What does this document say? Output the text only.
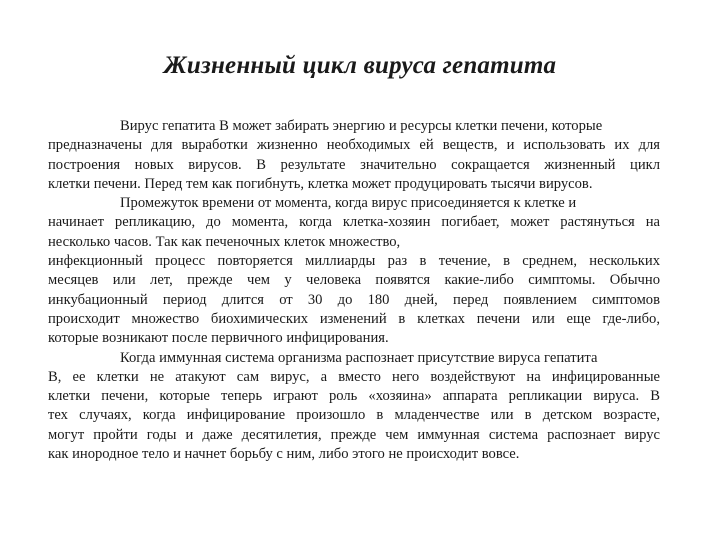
Жизненный цикл вируса гепатита
Вирус гепатита В может забирать энергию и ресурсы клетки печени, которые
предназначены для выработки жизненно необходимых ей веществ, и использовать их для
построения новых вирусов. В результате значительно сокращается жизненный цикл
клетки печени. Перед тем как погибнуть, клетка может продуцировать тысячи вирусов.
Промежуток времени от момента, когда вирус присоединяется к клетке и
начинает репликацию, до момента, когда клетка-хозяин погибает, может растянуться на
несколько часов. Так как печеночных клеток множество,
инфекционный процесс повторяется миллиарды раз в течение, в среднем, нескольких
месяцев или лет, прежде чем у человека появятся какие-либо симптомы. Обычно
инкубационный период длится от 30 до 180 дней, перед появлением симптомов
происходит множество биохимических изменений в клетках печени или еще где-либо,
которые возникают после первичного инфицирования.
Когда иммунная система организма распознает присутствие вируса гепатита
В, ее клетки не атакуют сам вирус, а вместо него воздействуют на инфицированные
клетки печени, которые теперь играют роль «хозяина» аппарата репликации вируса. В
тех случаях, когда инфицирование произошло в младенчестве или в детском возрасте,
могут пройти годы и даже десятилетия, прежде чем иммунная система распознает вирус
как инородное тело и начнет борьбу с ним, либо этого не происходит вовсе.
